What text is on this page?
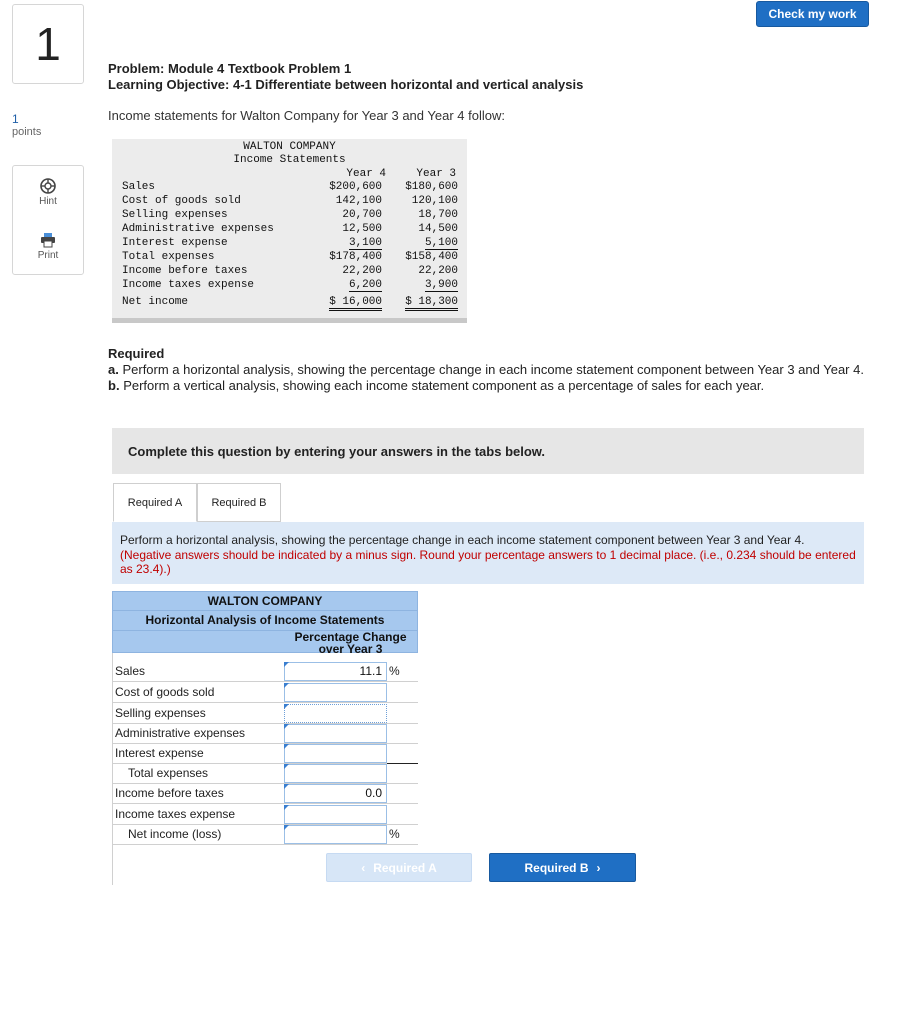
1
1
points
Hint
Print
Check my work
Problem: Module 4 Textbook Problem 1
Learning Objective: 4-1 Differentiate between horizontal and vertical analysis
Income statements for Walton Company for Year 3 and Year 4 follow:
WALTON COMPANY
Income Statements
Year 4	Year 3
Sales	$200,600 $180,600
Cost of goods sold	142,100	120,100
Selling expenses	20,700	18,700
Administrative expenses	12,500	14,500
Interest expense	3,100	5,100
Total expenses	$178,400 $158,400
Income before taxes	22,200	22,200
Income taxes expense	6,200	3,900
Net income	$ 16,000 $ 18,300
Required
a. Perform a horizontal analysis, showing the percentage change in each income statement component between Year 3 and Year 4.
b. Perform a vertical analysis, showing each income statement component as a percentage of sales for each year.
Complete this question by entering your answers in the tabs below.
Required A	Required B
Perform a horizontal analysis, showing the percentage change in each income statement component between Year 3 and Year 4. (Negative answers should be indicated by a minus sign. Round your percentage answers to 1 decimal place. (i.e., 0.234 should be entered as 23.4).)
WALTON COMPANY
Horizontal Analysis of Income Statements
Percentage Change over Year 3
Sales	11.1 %
Cost of goods sold
Selling expenses
Administrative expenses
Interest expense
Total expenses
Income before taxes	0.0
Income taxes expense
Net income (loss)	%
‹ Required A	Required B ›
